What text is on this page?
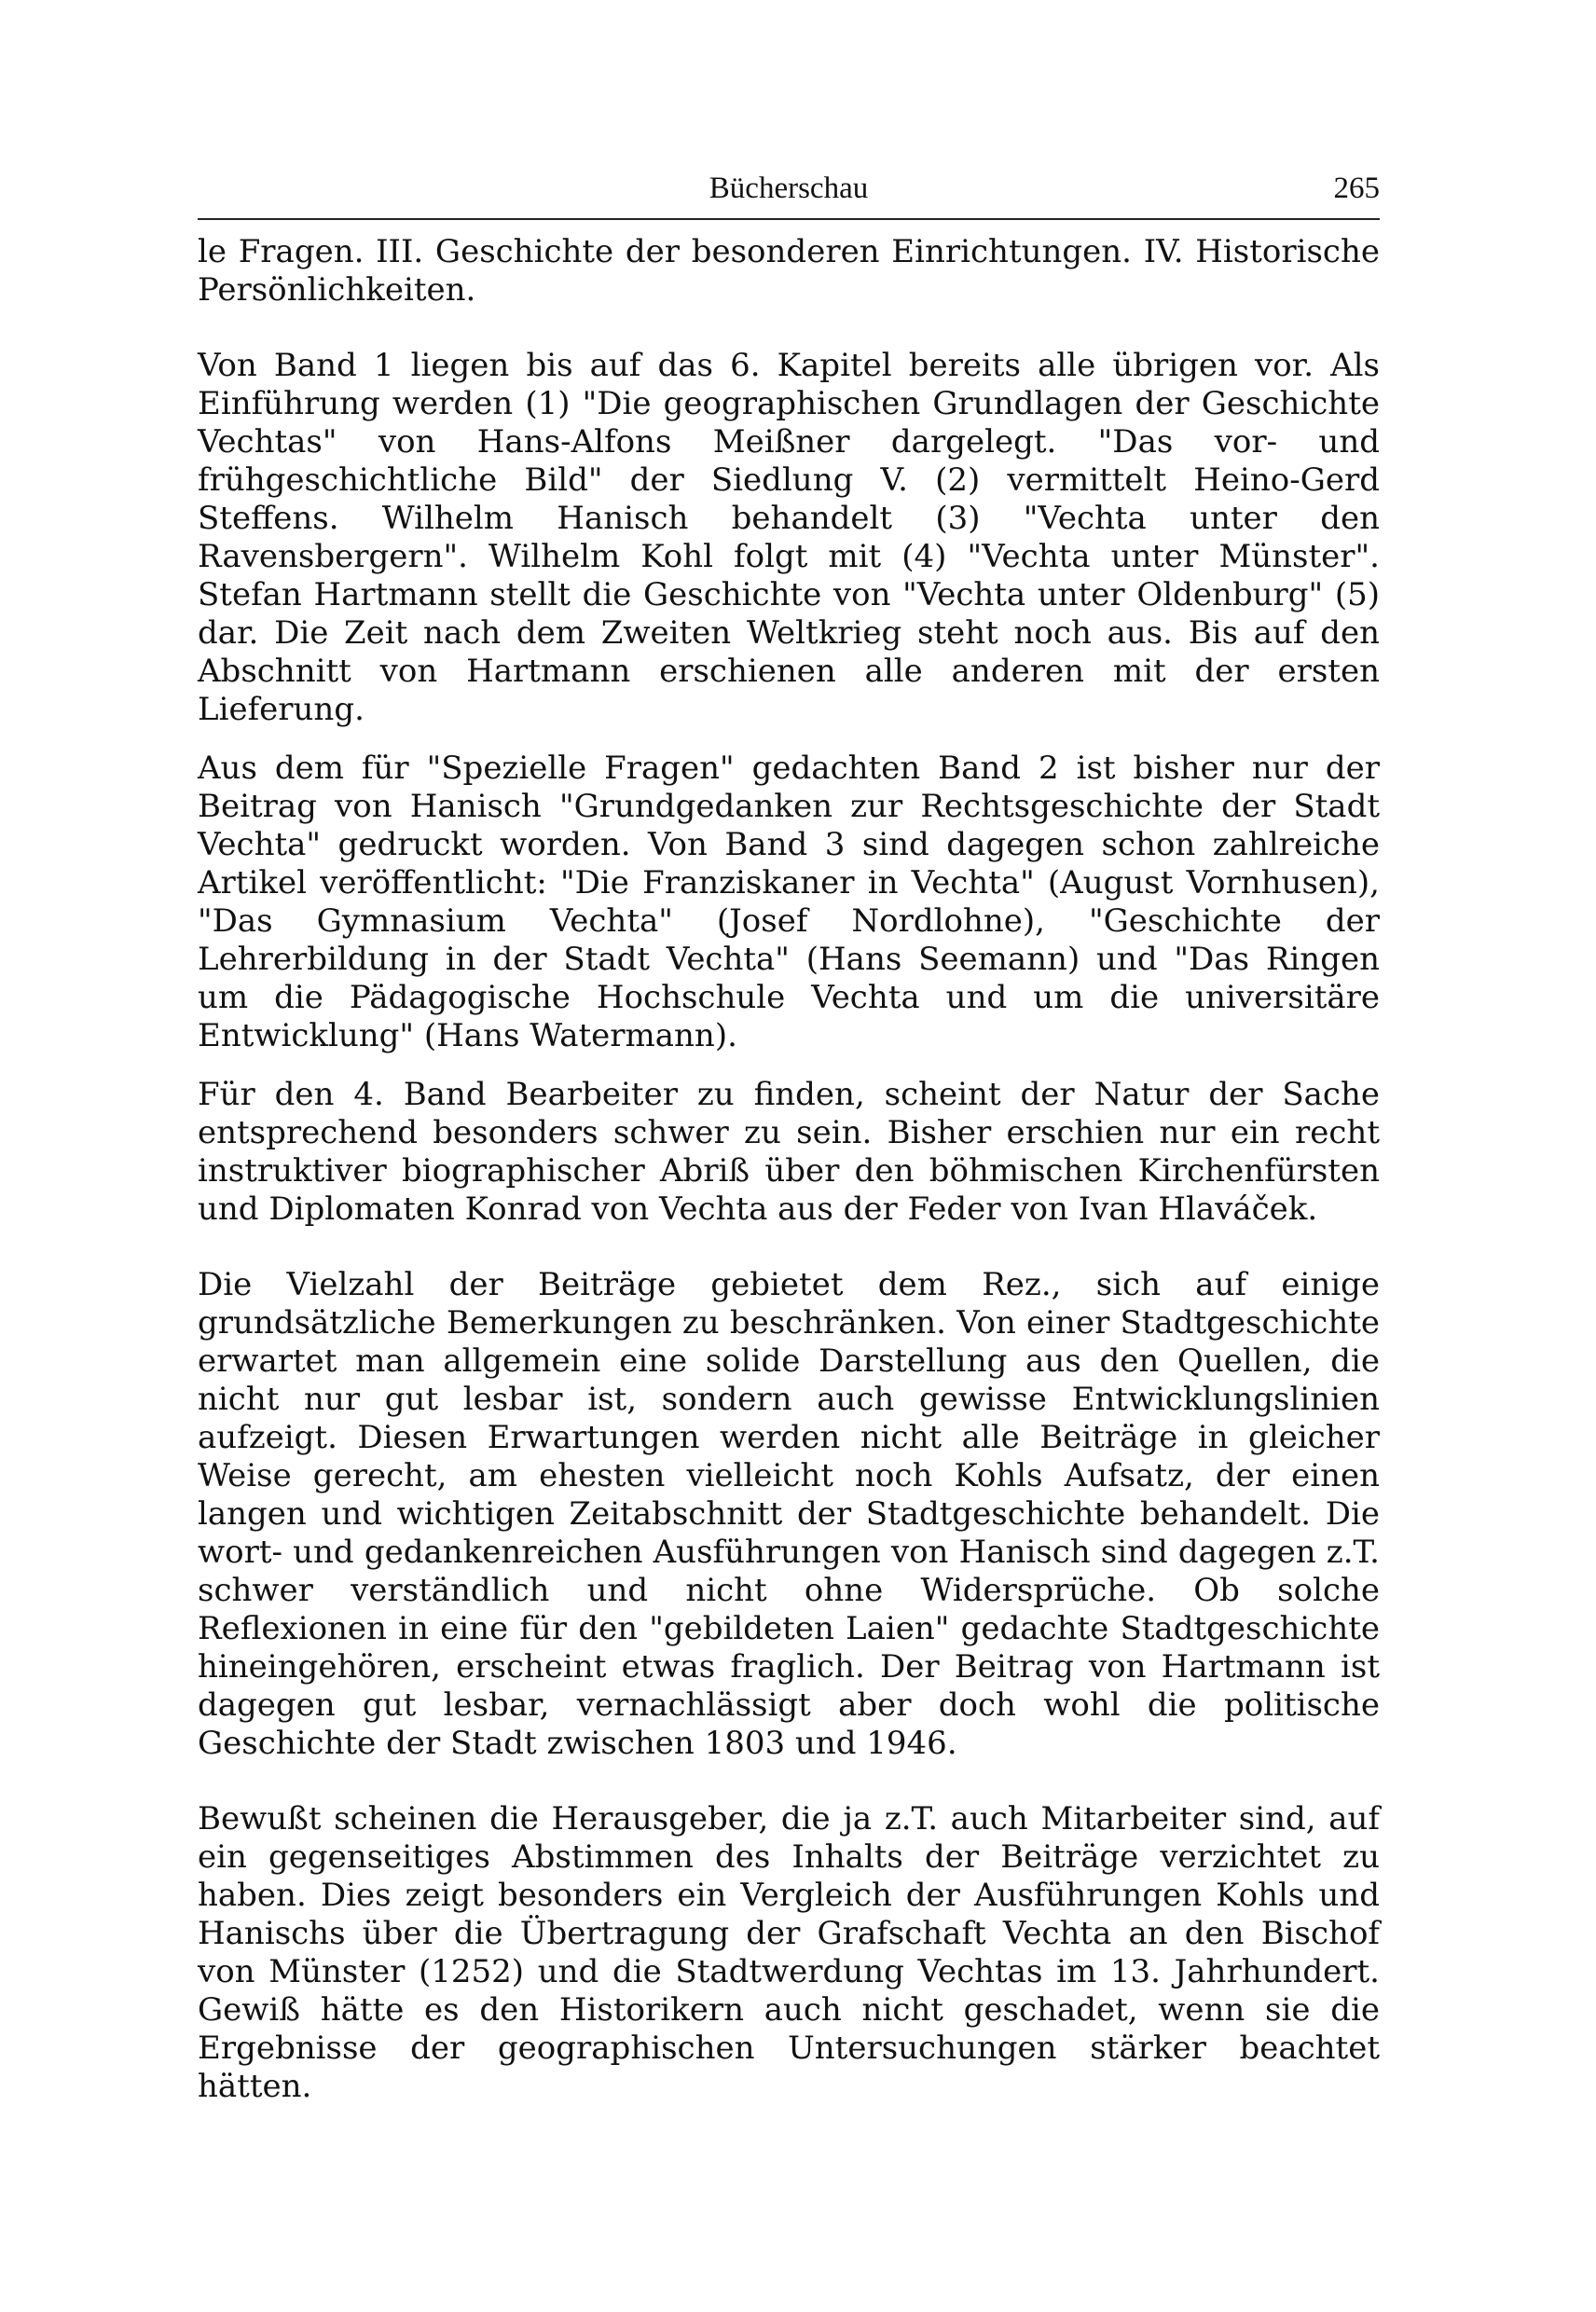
Bücherschau	265

le Fragen. III. Geschichte der besonderen Einrichtungen. IV. Historische Persönlichkeiten.

Von Band 1 liegen bis auf das 6. Kapitel bereits alle übrigen vor. Als Einführung werden (1) "Die geographischen Grundlagen der Geschichte Vechtas" von Hans-Alfons Meißner dargelegt. "Das vor- und frühgeschichtliche Bild" der Siedlung V. (2) vermittelt Heino-Gerd Steffens. Wilhelm Hanisch behandelt (3) "Vechta unter den Ravensbergern". Wilhelm Kohl folgt mit (4) "Vechta unter Münster". Stefan Hartmann stellt die Geschichte von "Vechta unter Oldenburg" (5) dar. Die Zeit nach dem Zweiten Weltkrieg steht noch aus. Bis auf den Abschnitt von Hartmann erschienen alle anderen mit der ersten Lieferung.

Aus dem für "Spezielle Fragen" gedachten Band 2 ist bisher nur der Beitrag von Hanisch "Grundgedanken zur Rechtsgeschichte der Stadt Vechta" gedruckt worden. Von Band 3 sind dagegen schon zahlreiche Artikel veröffentlicht: "Die Franziskaner in Vechta" (August Vornhusen), "Das Gymnasium Vechta" (Josef Nordlohne), "Geschichte der Lehrerbildung in der Stadt Vechta" (Hans Seemann) und "Das Ringen um die Pädagogische Hochschule Vechta und um die universitäre Entwicklung" (Hans Watermann).

Für den 4. Band Bearbeiter zu finden, scheint der Natur der Sache entsprechend besonders schwer zu sein. Bisher erschien nur ein recht instruktiver biographischer Abriß über den böhmischen Kirchenfürsten und Diplomaten Konrad von Vechta aus der Feder von Ivan Hlaváček.

Die Vielzahl der Beiträge gebietet dem Rez., sich auf einige grundsätzliche Bemerkungen zu beschränken. Von einer Stadtgeschichte erwartet man allgemein eine solide Darstellung aus den Quellen, die nicht nur gut lesbar ist, sondern auch gewisse Entwicklungslinien aufzeigt. Diesen Erwartungen werden nicht alle Beiträge in gleicher Weise gerecht, am ehesten vielleicht noch Kohls Aufsatz, der einen langen und wichtigen Zeitabschnitt der Stadtgeschichte behandelt. Die wort- und gedankenreichen Ausführungen von Hanisch sind dagegen z.T. schwer verständlich und nicht ohne Widersprüche. Ob solche Reflexionen in eine für den "gebildeten Laien" gedachte Stadtgeschichte hineingehören, erscheint etwas fraglich. Der Beitrag von Hartmann ist dagegen gut lesbar, vernachlässigt aber doch wohl die politische Geschichte der Stadt zwischen 1803 und 1946.

Bewußt scheinen die Herausgeber, die ja z.T. auch Mitarbeiter sind, auf ein gegenseitiges Abstimmen des Inhalts der Beiträge verzichtet zu haben. Dies zeigt besonders ein Vergleich der Ausführungen Kohls und Hanischs über die Übertragung der Grafschaft Vechta an den Bischof von Münster (1252) und die Stadtwerdung Vechtas im 13. Jahrhundert. Gewiß hätte es den Historikern auch nicht geschadet, wenn sie die Ergebnisse der geographischen Untersuchungen stärker beachtet hätten.
